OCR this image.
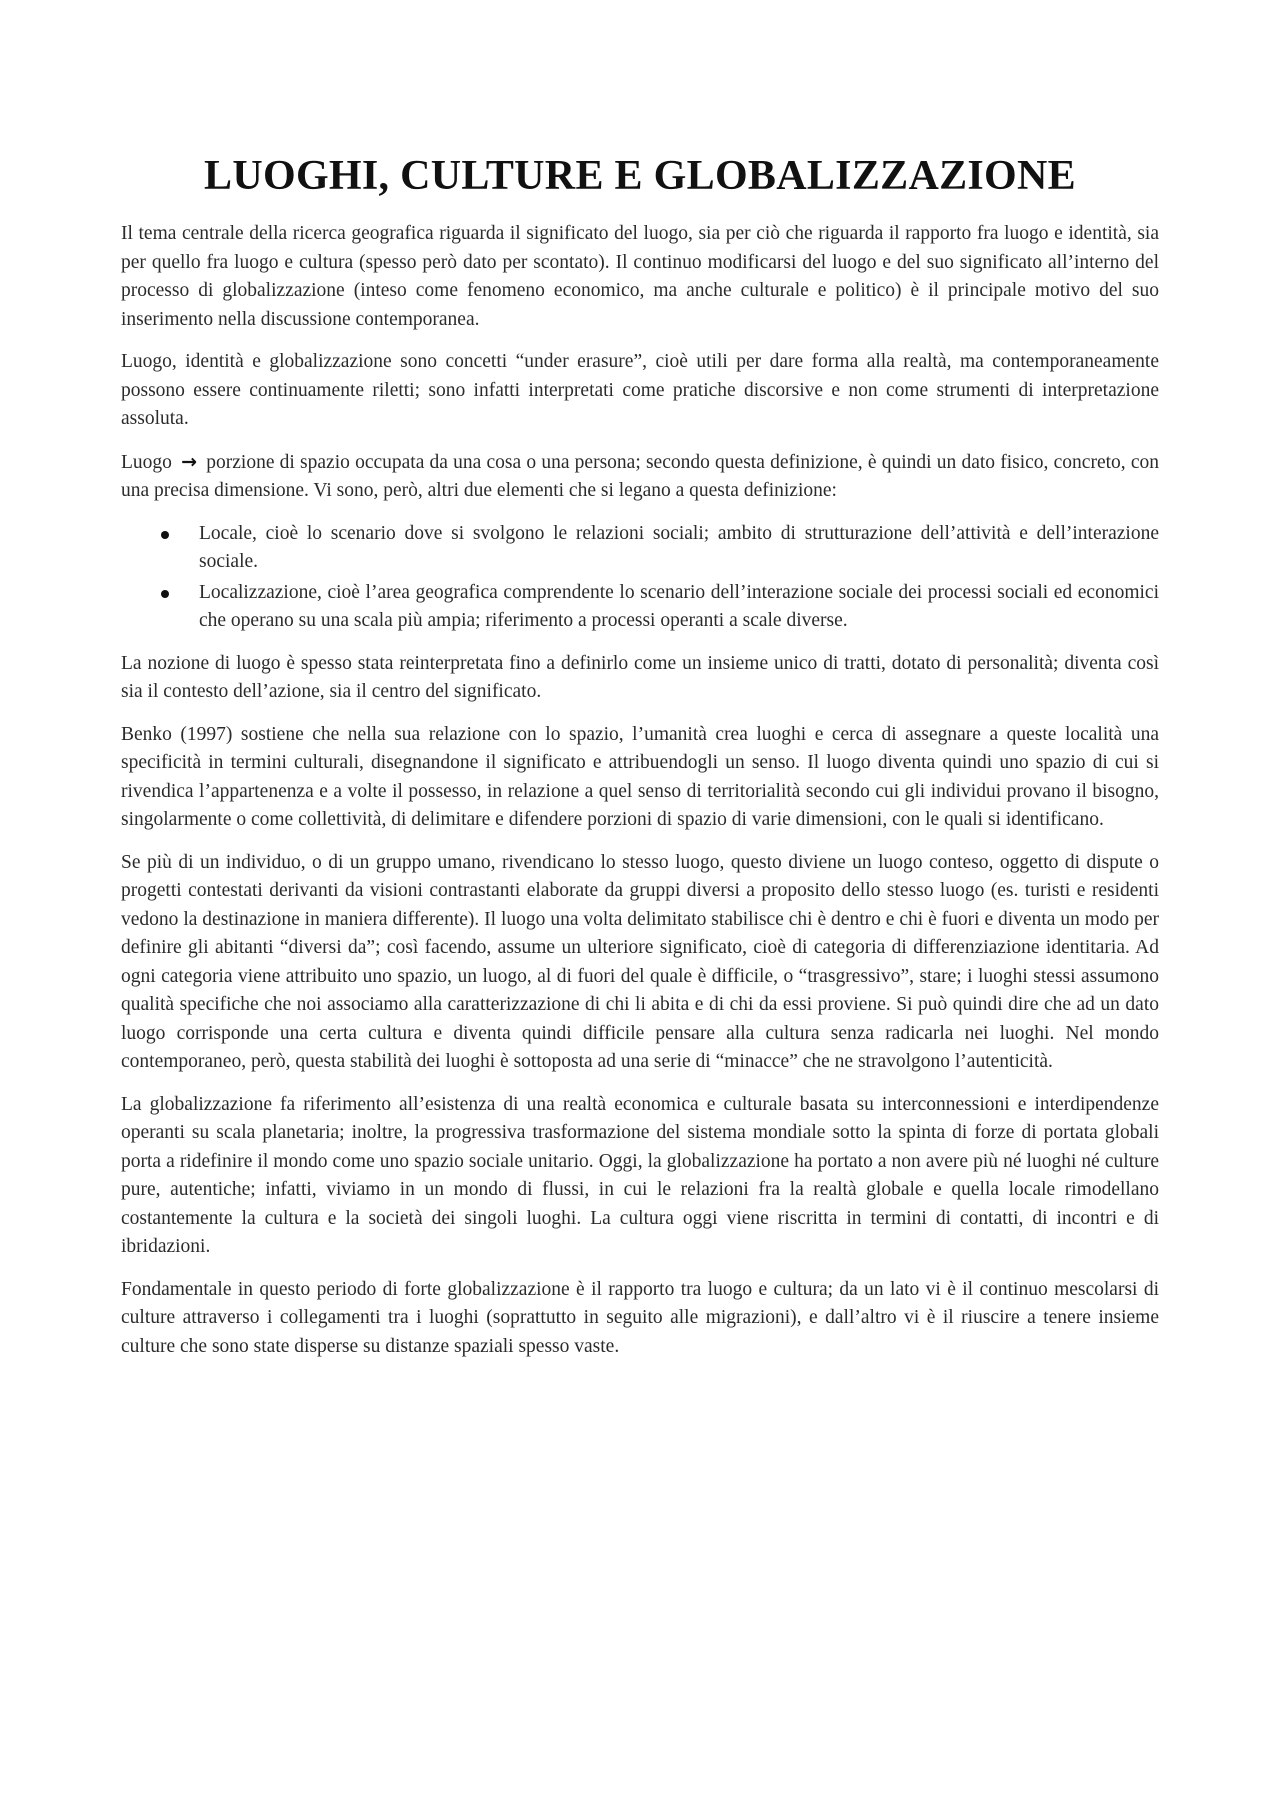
LUOGHI, CULTURE E GLOBALIZZAZIONE

Il tema centrale della ricerca geografica riguarda il significato del luogo, sia per ciò che riguarda il rapporto fra luogo e identità, sia per quello fra luogo e cultura (spesso però dato per scontato). Il continuo modificarsi del luogo e del suo significato all’interno del processo di globalizzazione (inteso come fenomeno economico, ma anche culturale e politico) è il principale motivo del suo inserimento nella discussione contemporanea.

Luogo, identità e globalizzazione sono concetti “under erasure”, cioè utili per dare forma alla realtà, ma contemporaneamente possono essere continuamente riletti; sono infatti interpretati come pratiche discorsive e non come strumenti di interpretazione assoluta.

Luogo → porzione di spazio occupata da una cosa o una persona; secondo questa definizione, è quindi un dato fisico, concreto, con una precisa dimensione. Vi sono, però, altri due elementi che si legano a questa definizione:

Locale, cioè lo scenario dove si svolgono le relazioni sociali; ambito di strutturazione dell’attività e dell’interazione sociale.
Localizzazione, cioè l’area geografica comprendente lo scenario dell’interazione sociale dei processi sociali ed economici che operano su una scala più ampia; riferimento a processi operanti a scale diverse.

La nozione di luogo è spesso stata reinterpretata fino a definirlo come un insieme unico di tratti, dotato di personalità; diventa così sia il contesto dell’azione, sia il centro del significato.

Benko (1997) sostiene che nella sua relazione con lo spazio, l’umanità crea luoghi e cerca di assegnare a queste località una specificità in termini culturali, disegnandone il significato e attribuendogli un senso. Il luogo diventa quindi uno spazio di cui si rivendica l’appartenenza e a volte il possesso, in relazione a quel senso di territorialità secondo cui gli individui provano il bisogno, singolarmente o come collettività, di delimitare e difendere porzioni di spazio di varie dimensioni, con le quali si identificano.

Se più di un individuo, o di un gruppo umano, rivendicano lo stesso luogo, questo diviene un luogo conteso, oggetto di dispute o progetti contestati derivanti da visioni contrastanti elaborate da gruppi diversi a proposito dello stesso luogo (es. turisti e residenti vedono la destinazione in maniera differente). Il luogo una volta delimitato stabilisce chi è dentro e chi è fuori e diventa un modo per definire gli abitanti “diversi da”; così facendo, assume un ulteriore significato, cioè di categoria di differenziazione identitaria. Ad ogni categoria viene attribuito uno spazio, un luogo, al di fuori del quale è difficile, o “trasgressivo”, stare; i luoghi stessi assumono qualità specifiche che noi associamo alla caratterizzazione di chi li abita e di chi da essi proviene. Si può quindi dire che ad un dato luogo corrisponde una certa cultura e diventa quindi difficile pensare alla cultura senza radicarla nei luoghi. Nel mondo contemporaneo, però, questa stabilità dei luoghi è sottoposta ad una serie di “minacce” che ne stravolgono l’autenticità.

La globalizzazione fa riferimento all’esistenza di una realtà economica e culturale basata su interconnessioni e interdipendenze operanti su scala planetaria; inoltre, la progressiva trasformazione del sistema mondiale sotto la spinta di forze di portata globali porta a ridefinire il mondo come uno spazio sociale unitario. Oggi, la globalizzazione ha portato a non avere più né luoghi né culture pure, autentiche; infatti, viviamo in un mondo di flussi, in cui le relazioni fra la realtà globale e quella locale rimodellano costantemente la cultura e la società dei singoli luoghi. La cultura oggi viene riscritta in termini di contatti, di incontri e di ibridazioni.

Fondamentale in questo periodo di forte globalizzazione è il rapporto tra luogo e cultura; da un lato vi è il continuo mescolarsi di culture attraverso i collegamenti tra i luoghi (soprattutto in seguito alle migrazioni), e dall’altro vi è il riuscire a tenere insieme culture che sono state disperse su distanze spaziali spesso vaste.
